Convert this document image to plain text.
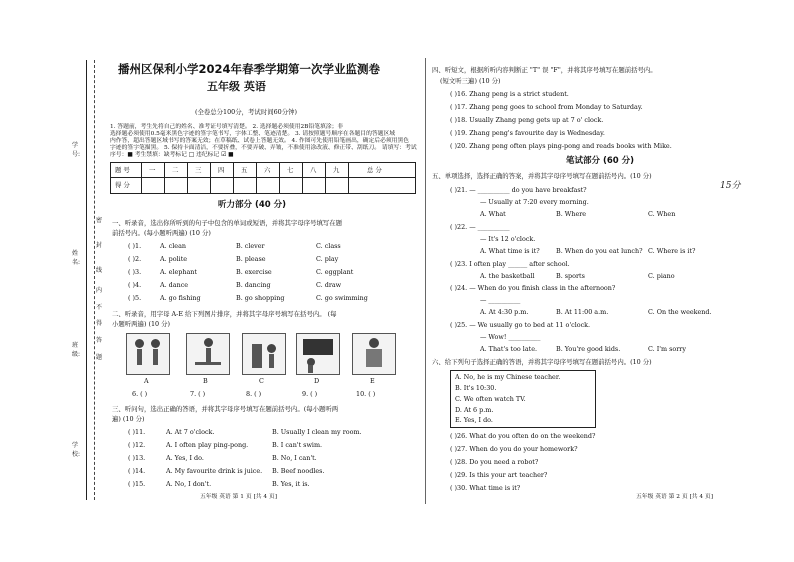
学号:
姓名:
班级:
学校:
密
封
线
内
不
得
答
题
播州区保利小学2024年春季学期第一次学业监测卷
五年级 英语
(全卷总分100分，考试时间60分钟)
1. 答题前，考生先将自己的姓名、准考证号填写清楚。 2. 选择题必须使用2B铅笔填涂；非
选择题必须使用0.5毫米黑色字迹的签字笔书写，字体工整、笔迹清楚。 3. 请按照题号顺序在各题目的答题区域
内作答，超出答题区域书写的答案无效；在草稿纸、试卷上答题无效。 4. 作图可先使用铅笔画出，确定后必须用黑色
字迹的签字笔描黑。 5. 保持卡面清洁，不要折叠，不要弄破、弄皱，不准使用涂改液、修正带、刮纸刀。 请填写：考试
序号：■ 考生禁填：缺考标记 □ 违纪标记 ☑ ■
题 号	一	二	三	四	五	六	七	八	九	总 分
得 分
听力部分 (40 分)
一、听录音，选出你所听到的句子中包含的单词或短语，并将其字母序号填写在题
前括号内。(每小题听两遍) (10 分)
( )1.	A. clean	B. clever	C. class
( )2.	A. polite	B. please	C. play
( )3.	A. elephant	B. exercise	C. eggplant
( )4.	A. dance	B. dancing	C. draw
( )5.	A. go fishing	B. go shopping	C. go swimming
二、听录音，用字母 A-E 给下列图片排序，并将其字母序号填写在括号内。 (每
小题听两遍) (10 分)
A	B	C	D	E
6. ( )	7. ( )	8. ( )	9. ( )	10. ( )
三、听问句，选出正确的答语，并将其字母序号填写在题前括号内。(每小题听两
遍) (10 分)
( )11.	A. At 7 o'clock.	B. Usually I clean my room.
( )12.	A. I often play ping-pong.	B. I can't swim.
( )13.	A. Yes, I do.	B. No, I can't.
( )14.	A. My favourite drink is juice. B. Beef noodles.
( )15.	A. No, I don't.	B. Yes, it is.
五年级 英语 第 1 页 [共 4 页]
四、听短文，根据所听内容判断正 "T" 误 "F"，并将其序号填写在题前括号内。
(短文听三遍) (10 分)
( )16. Zhang peng is a strict student.
( )17. Zhang peng goes to school from Monday to Saturday.
( )18. Usually Zhang peng gets up at 7 o' clock.
( )19. Zhang peng's favourite day is Wednesday.
( )20. Zhang peng often plays ping-pong and reads books with Mike.
笔试部分 (60 分)
五、单项选择，选择正确的答案，并将其字母序号填写在题前括号内。(10 分)
15分
( )21. — __________ do you have breakfast?
— Usually at 7:20 every morning.
A. What	B. Where	C. When
( )22. — __________
— It's 12 o'clock.
A. What time is it?	B. When do you eat lunch? C. Where is it?
( )23. I often play ______ after school.
A. the basketball	B. sports	C. piano
( )24. — When do you finish class in the afternoon?
— __________
A. At 4:30 p.m.	B. At 11:00 a.m.	C. On the weekend.
( )25. — We usually go to bed at 11 o'clock.
— Wow! __________
A. That's too late.	B. You're good kids.	C. I'm sorry
六、给下列句子选择正确的答语，并将其字母序号填写在题前括号内。(10 分)
A. No, he is my Chinese teacher.
B. It's 10:30.
C. We often watch TV.
D. At 6 p.m.
E. Yes, I do.
( )26. What do you often do on the weekend?
( )27. When do you do your homework?
( )28. Do you need a robot?
( )29. Is this your art teacher?
( )30. What time is it?
五年级 英语 第 2 页 [共 4 页]
